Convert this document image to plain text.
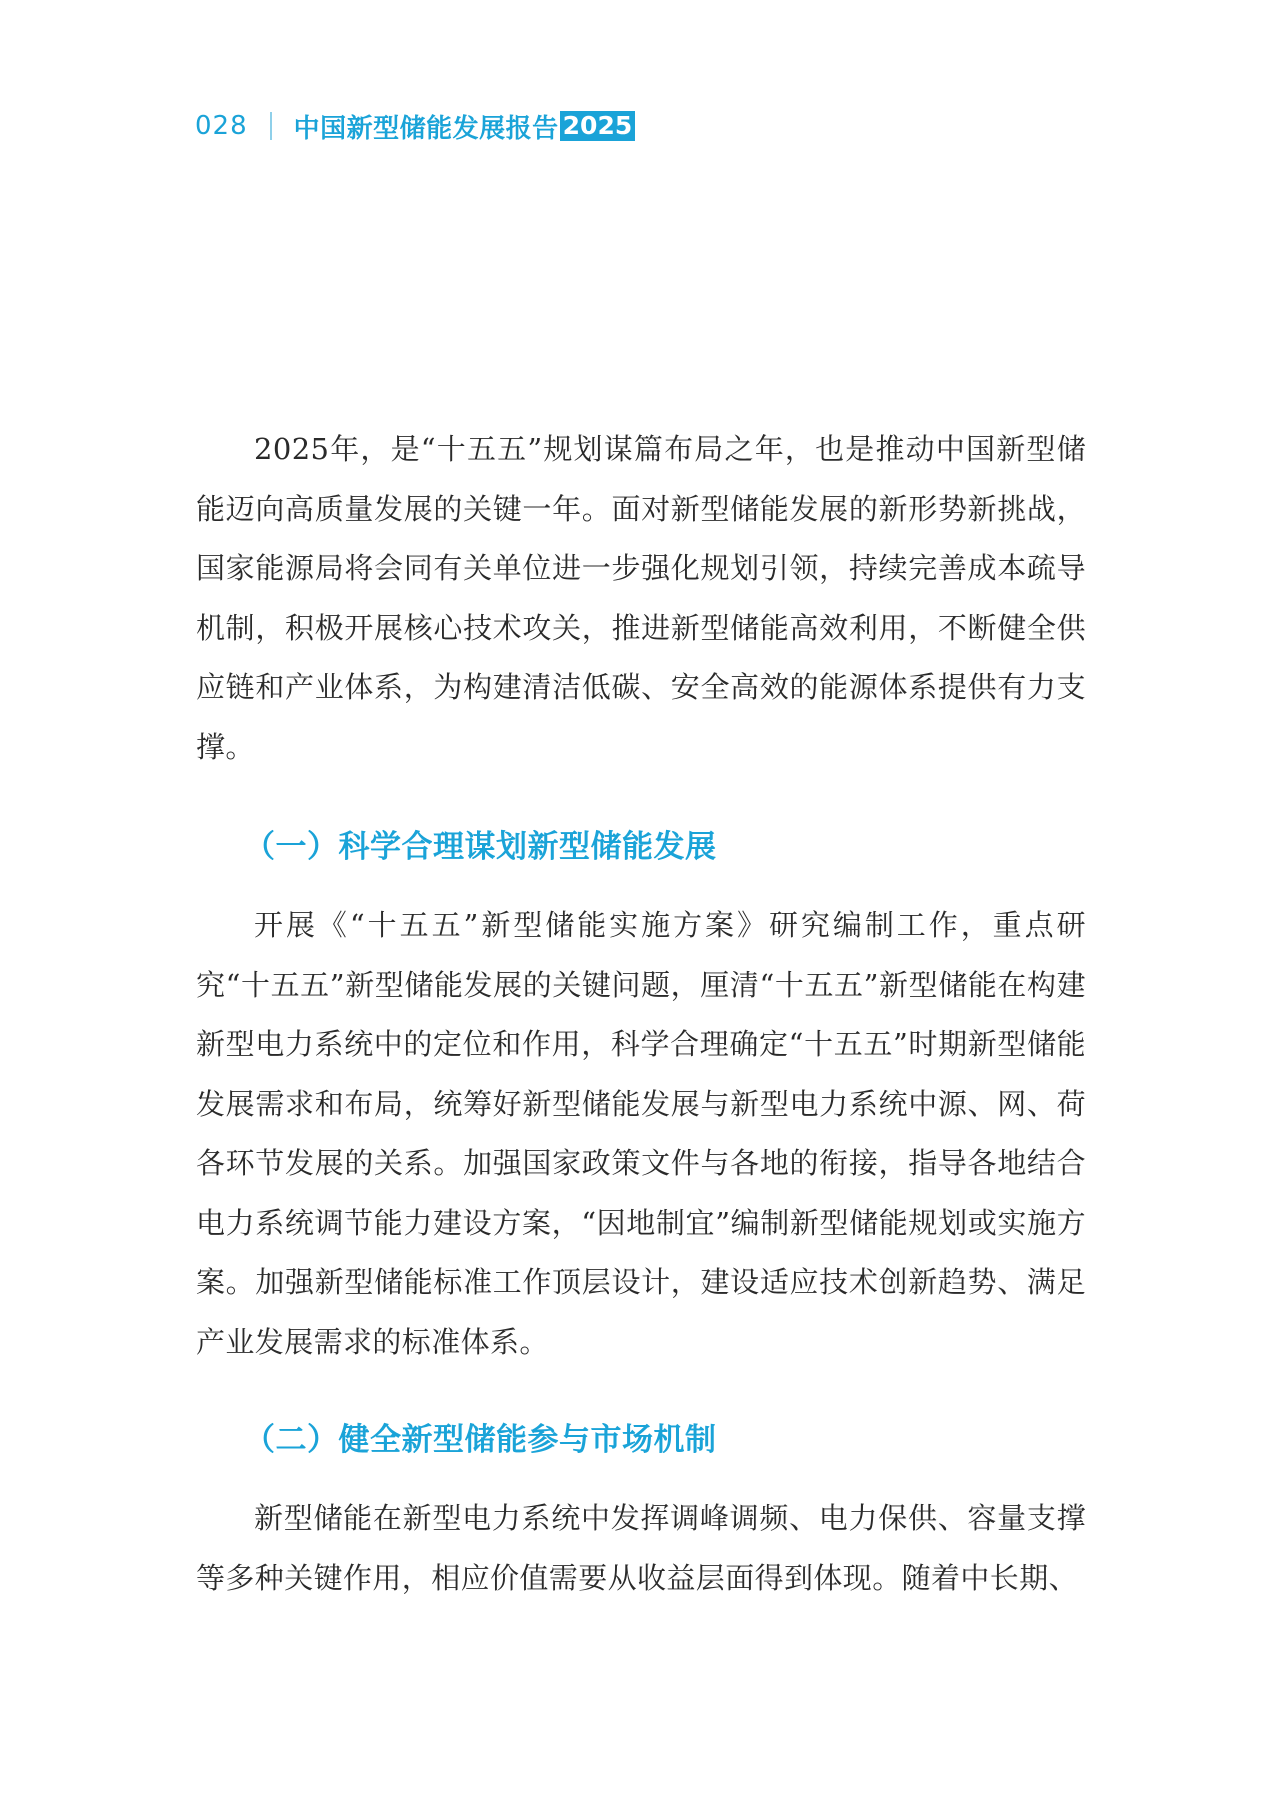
028 中国新型储能发展报告 2025

2025年，是“十五五”规划谋篇布局之年，也是推动中国新型储能迈向高质量发展的关键一年。面对新型储能发展的新形势新挑战，国家能源局将会同有关单位进一步强化规划引领，持续完善成本疏导机制，积极开展核心技术攻关，推进新型储能高效利用，不断健全供应链和产业体系，为构建清洁低碳、安全高效的能源体系提供有力支撑。

（一）科学合理谋划新型储能发展

开展《“十五五”新型储能实施方案》研究编制工作，重点研究“十五五”新型储能发展的关键问题，厘清“十五五”新型储能在构建新型电力系统中的定位和作用，科学合理确定“十五五”时期新型储能发展需求和布局，统筹好新型储能发展与新型电力系统中源、网、荷各环节发展的关系。加强国家政策文件与各地的衔接，指导各地结合电力系统调节能力建设方案，“因地制宜”编制新型储能规划或实施方案。加强新型储能标准工作顶层设计，建设适应技术创新趋势、满足产业发展需求的标准体系。

（二）健全新型储能参与市场机制

新型储能在新型电力系统中发挥调峰调频、电力保供、容量支撑等多种关键作用，相应价值需要从收益层面得到体现。随着中长期、
